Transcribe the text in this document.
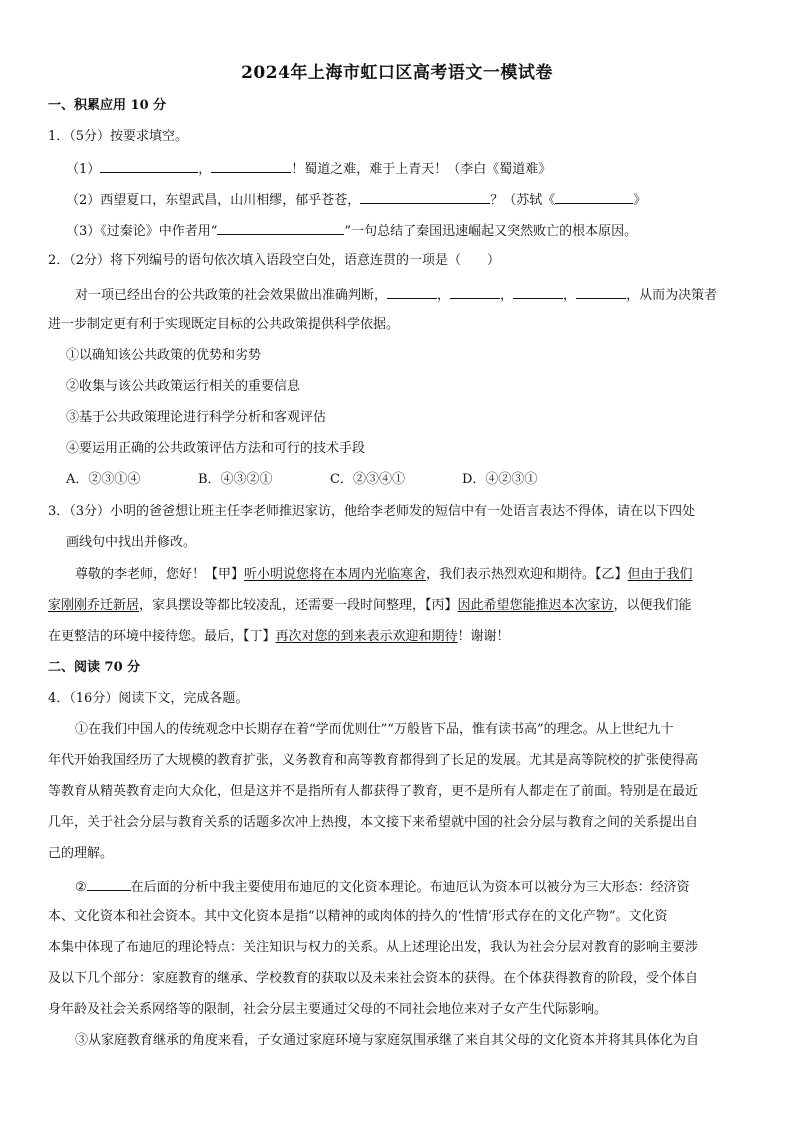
2024年上海市虹口区高考语文一模试卷
一、积累应用 10 分
1．（5分）按要求填空。
（1）	，	！蜀道之难，难于上青天！（李白《蜀道难》
（2）西望夏口，东望武昌，山川相缪，郁乎苍苍，	？（苏轼《	》
（3）《过秦论》中作者用“	”一句总结了秦国迅速崛起又突然败亡的根本原因。
2．（2分）将下列编号的语句依次填入语段空白处，语意连贯的一项是（　　）
对一项已经出台的公共政策的社会效果做出准确判断，	，	，	，	，从而为决策者
进一步制定更有利于实现既定目标的公共政策提供科学依据。
①以确知该公共政策的优势和劣势
②收集与该公共政策运行相关的重要信息
③基于公共政策理论进行科学分析和客观评估
④要运用正确的公共政策评估方法和可行的技术手段
A．②③①④	B．④③②①	C．②③④①	D．④②③①
3．（3分）小明的爸爸想让班主任李老师推迟家访，他给李老师发的短信中有一处语言表达不得体，请在以下四处
画线句中找出并修改。
尊敬的李老师，您好！【甲】听小明说您将在本周内光临寒舍，我们表示热烈欢迎和期待。【乙】但由于我们
家刚刚乔迁新居，家具摆设等都比较凌乱，还需要一段时间整理，【丙】因此希望您能推迟本次家访，以便我们能
在更整洁的环境中接待您。最后，【丁】再次对您的到来表示欢迎和期待！谢谢！
二、阅读 70 分
4．（16分）阅读下文，完成各题。
①在我们中国人的传统观念中长期存在着“学而优则仕”“万般皆下品，惟有读书高”的理念。从上世纪九十
年代开始我国经历了大规模的教育扩张，义务教育和高等教育都得到了长足的发展。尤其是高等院校的扩张使得高
等教育从精英教育走向大众化，但是这并不是指所有人都获得了教育，更不是所有人都走在了前面。特别是在最近
几年，关于社会分层与教育关系的话题多次冲上热搜，本文接下来希望就中国的社会分层与教育之间的关系提出自
己的理解。
②	在后面的分析中我主要使用布迪厄的文化资本理论。布迪厄认为资本可以被分为三大形态：经济资
本、文化资本和社会资本。其中文化资本是指“以精神的或肉体的持久的‘性情’形式存在的文化产物”。文化资
本集中体现了布迪厄的理论特点：关注知识与权力的关系。从上述理论出发，我认为社会分层对教育的影响主要涉
及以下几个部分：家庭教育的继承、学校教育的获取以及未来社会资本的获得。在个体获得教育的阶段，受个体自
身年龄及社会关系网络等的限制，社会分层主要通过父母的不同社会地位来对子女产生代际影响。
③从家庭教育继承的角度来看，子女通过家庭环境与家庭氛围承继了来自其父母的文化资本并将其具体化为自
